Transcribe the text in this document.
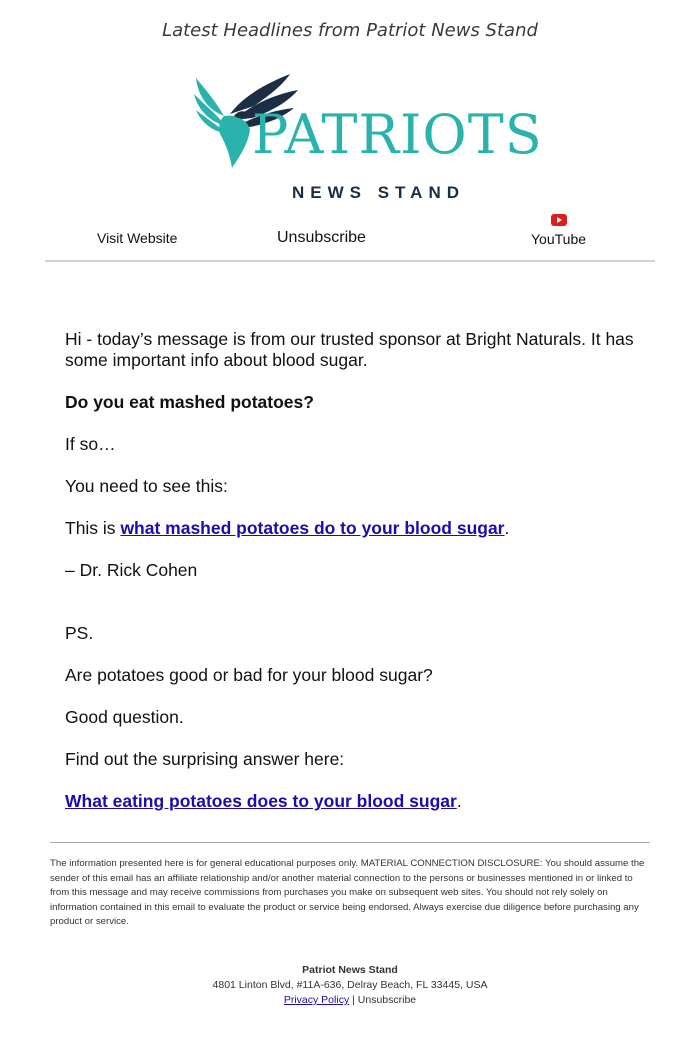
Latest Headlines from Patriot News Stand
PATRIOTS
NEWS STAND
Visit Website	Unsubscribe	YouTube

Hi - today’s message is from our trusted sponsor at Bright Naturals. It has some important info about blood sugar.

Do you eat mashed potatoes?

If so…

You need to see this:

This is what mashed potatoes do to your blood sugar.

– Dr. Rick Cohen

PS.

Are potatoes good or bad for your blood sugar?

Good question.

Find out the surprising answer here:

What eating potatoes does to your blood sugar.

The information presented here is for general educational purposes only. MATERIAL CONNECTION DISCLOSURE: You should assume the sender of this email has an affiliate relationship and/or another material connection to the persons or businesses mentioned in or linked to from this message and may receive commissions from purchases you make on subsequent web sites. You should not rely solely on information contained in this email to evaluate the product or service being endorsed. Always exercise due diligence before purchasing any product or service.
Patriot News Stand
4801 Linton Blvd, #11A-636, Delray Beach, FL 33445, USA
Privacy Policy | Unsubscribe
